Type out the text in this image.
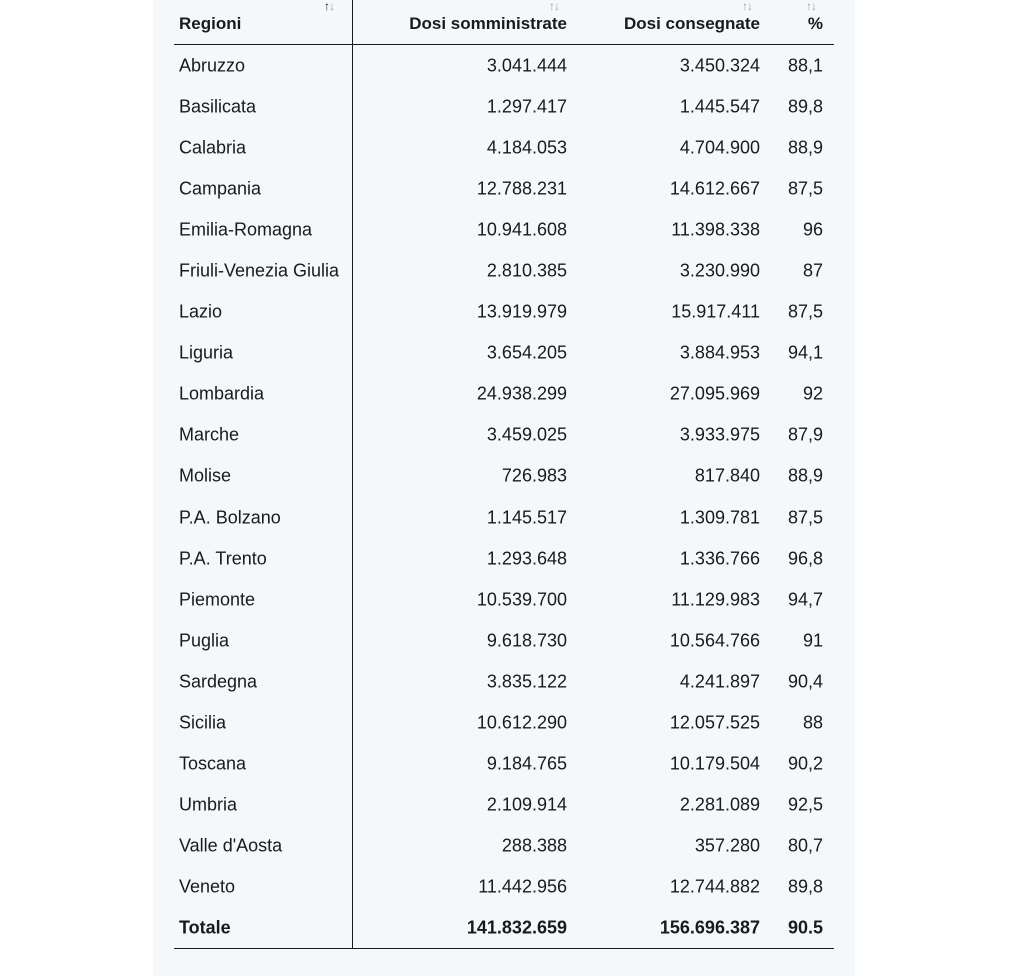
↑↓	↑↓	↑↓	↑↓
Regioni	Dosi somministrate	Dosi consegnate	%
Abruzzo	3.041.444	3.450.324 88,1
Basilicata	1.297.417	1.445.547 89,8
Calabria	4.184.053	4.704.900 88,9
Campania	12.788.231	14.612.667 87,5
Emilia-Romagna	10.941.608	11.398.338 96
Friuli-Venezia Giulia	2.810.385	3.230.990 87
Lazio	13.919.979	15.917.411 87,5
Liguria	3.654.205	3.884.953 94,1
Lombardia	24.938.299	27.095.969 92
Marche	3.459.025	3.933.975 87,9
Molise	726.983	817.840 88,9
P.A. Bolzano	1.145.517	1.309.781 87,5
P.A. Trento	1.293.648	1.336.766 96,8
Piemonte	10.539.700	11.129.983 94,7
Puglia	9.618.730	10.564.766 91
Sardegna	3.835.122	4.241.897 90,4
Sicilia	10.612.290	12.057.525 88
Toscana	9.184.765	10.179.504 90,2
Umbria	2.109.914	2.281.089 92,5
Valle d'Aosta	288.388	357.280 80,7
Veneto	11.442.956	12.744.882 89,8
Totale	141.832.659	156.696.387 90.5
